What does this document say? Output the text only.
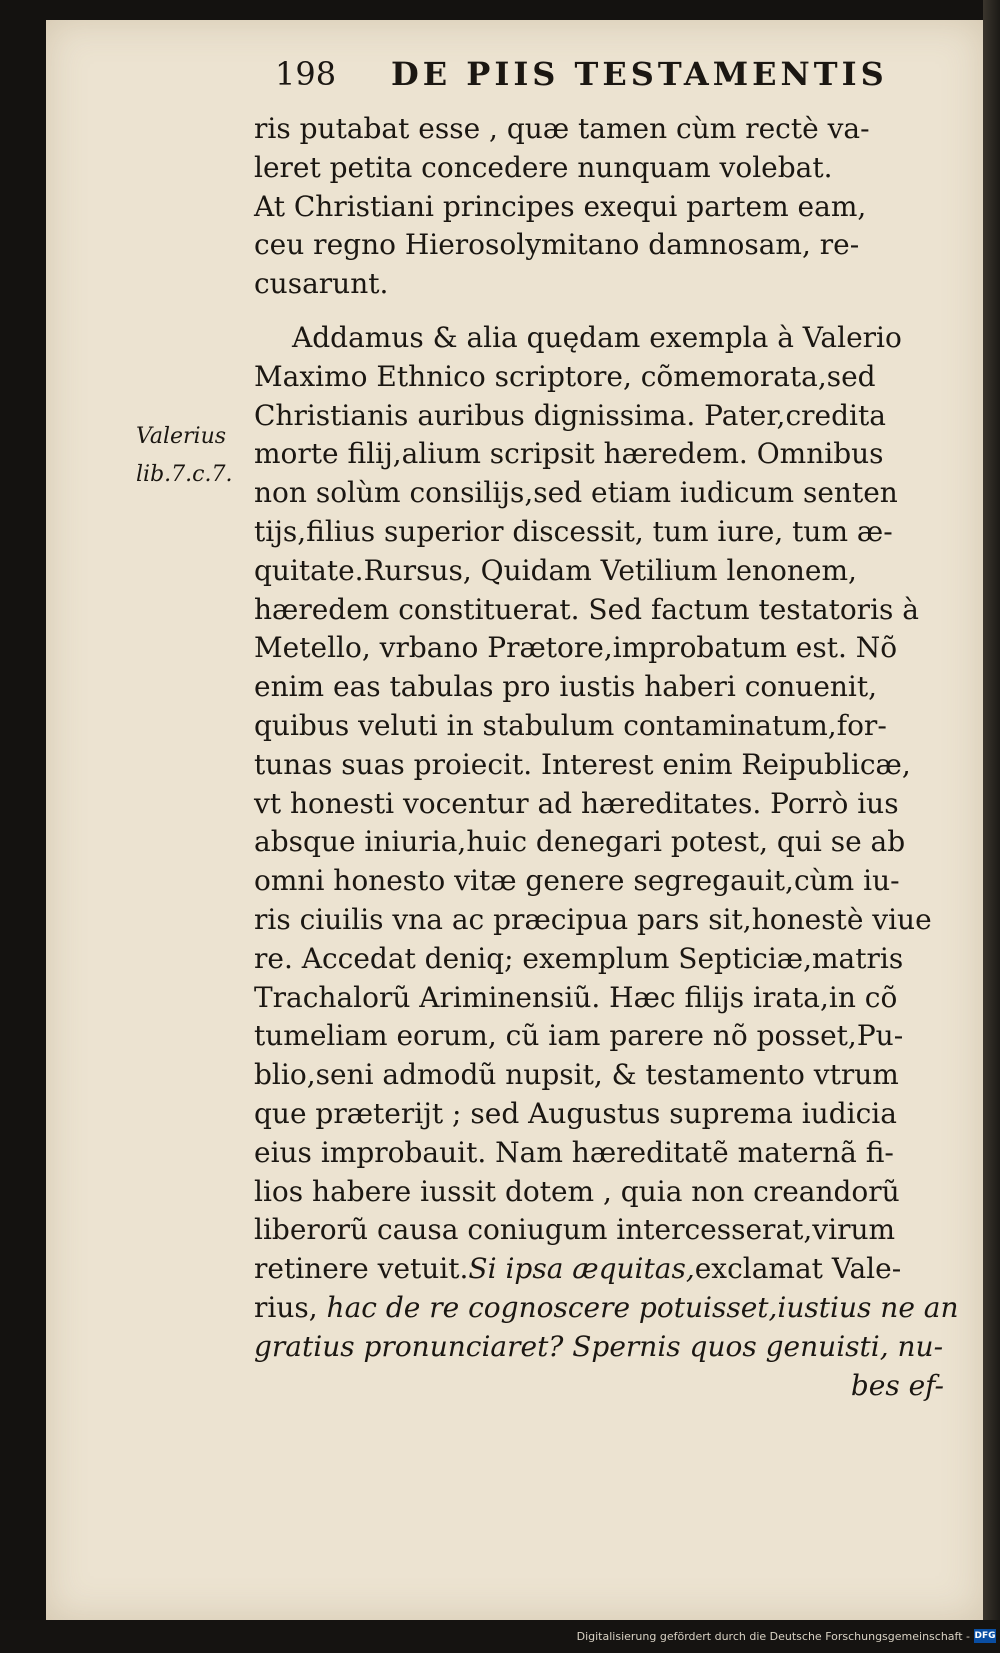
198 DE PIIS TESTAMENTIS
Valerius
lib.7.c.7.
ris putabat esse , quæ tamen cùm rectè va-
leret petita concedere nunquam volebat.
At Christiani principes exequi partem eam,
ceu regno Hierosolymitano damnosam, re-
cusarunt.
Addamus & alia quędam exempla à Valerio
Maximo Ethnico scriptore, cõmemorata,sed
Christianis auribus dignissima. Pater,credita
morte filij,alium scripsit hæredem. Omnibus
non solùm consilijs,sed etiam iudicum senten
tijs,filius superior discessit, tum iure, tum æ-
quitate.Rursus, Quidam Vetilium lenonem,
hæredem constituerat. Sed factum testatoris à
Metello, vrbano Prætore,improbatum est. Nõ
enim eas tabulas pro iustis haberi conuenit,
quibus veluti in stabulum contaminatum,for-
tunas suas proiecit. Interest enim Reipublicæ,
vt honesti vocentur ad hæreditates. Porrò ius
absque iniuria,huic denegari potest, qui se ab
omni honesto vitæ genere segregauit,cùm iu-
ris ciuilis vna ac præcipua pars sit,honestè viue
re. Accedat deniq; exemplum Septiciæ,matris
Trachalorũ Ariminensiũ. Hæc filijs irata,in cõ
tumeliam eorum, cũ iam parere nõ posset,Pu-
blio,seni admodũ nupsit, & testamento vtrum
que præterijt ; sed Augustus suprema iudicia
eius improbauit. Nam hæreditatẽ maternã fi-
lios habere iussit dotem , quia non creandorũ
liberorũ causa coniugum intercesserat,virum
retinere vetuit.Si ipsa æquitas,exclamat Vale-
rius, hac de re cognoscere potuisset,iustius ne an
gratius pronunciaret? Spernis quos genuisti, nu-
bes ef-
Digitalisierung gefördert durch die Deutsche Forschungsgemeinschaft - DFG
